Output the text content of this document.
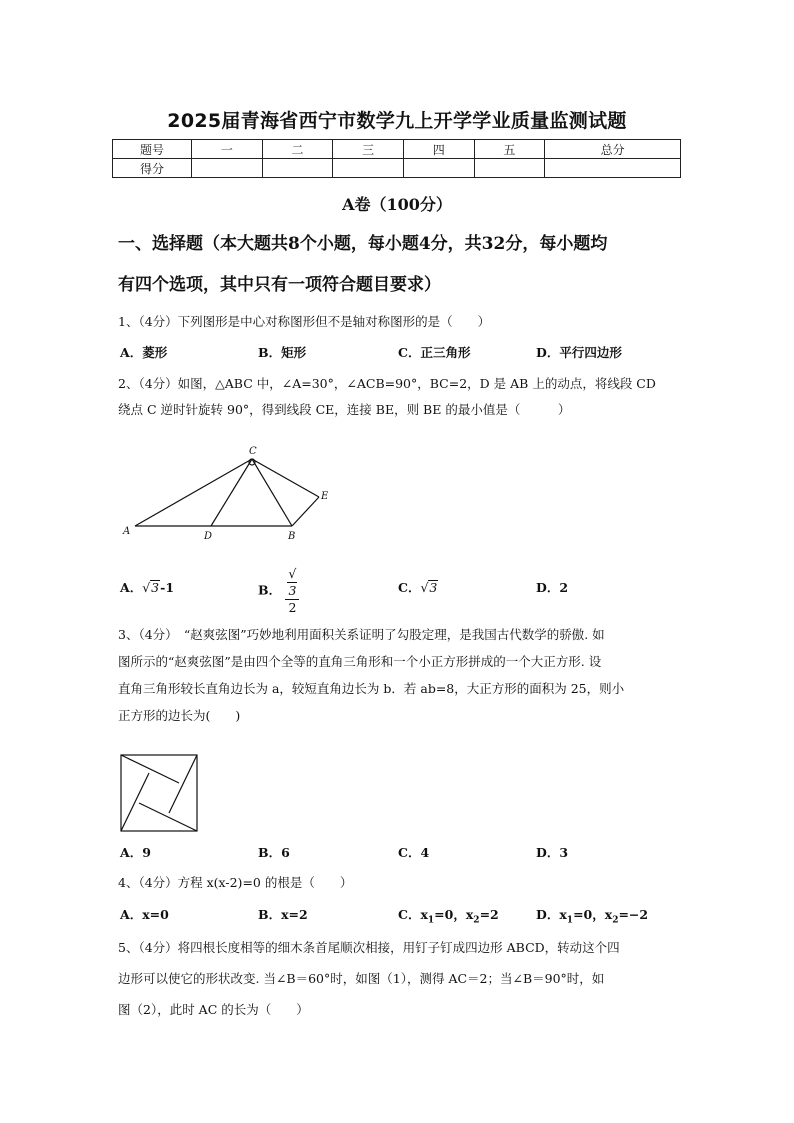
2025届青海省西宁市数学九上开学学业质量监测试题
题号	一	二	三	四	五	总分
得分						
A卷（100分）
一、选择题（本大题共8个小题，每小题4分，共32分，每小题均
有四个选项，其中只有一项符合题目要求）
1、（4分）下列图形是中心对称图形但不是轴对称图形的是（　　）
A．菱形	B．矩形	C．正三角形	D．平行四边形
2、（4分）如图，△ABC 中，∠A=30°，∠ACB=90°，BC=2，D 是 AB 上的动点，将线段 CD
绕点 C 逆时针旋转 90°，得到线段 CE，连接 BE，则 BE 的最小值是（　　　）
A
C
D	B
E
A．√3-1	B． √
3
2	C．√3	D．2
3、（4分）　“赵爽弦图”巧妙地利用面积关系证明了勾股定理，是我国古代数学的骄傲. 如
图所示的“赵爽弦图”是由四个全等的直角三角形和一个小正方形拼成的一个大正方形. 设
直角三角形较长直角边长为 a，较短直角边长为 b．若 ab=8，大正方形的面积为 25，则小
正方形的边长为(　　)
A．9	B．6	C．4	D．3
4、（4分）方程 x(x-2)=0 的根是（　　）
A．x=0	B．x=2	C．$x_1=0$，$x_2=2$	D．$x_1=0$，$x_2=-2$
5、（4分）将四根长度相等的细木条首尾顺次相接，用钉子钉成四边形 ABCD，转动这个四
边形可以使它的形状改变. 当∠B＝60°时，如图（1），测得 AC＝2；当∠B＝90°时，如
图（2），此时 AC 的长为（　　）
